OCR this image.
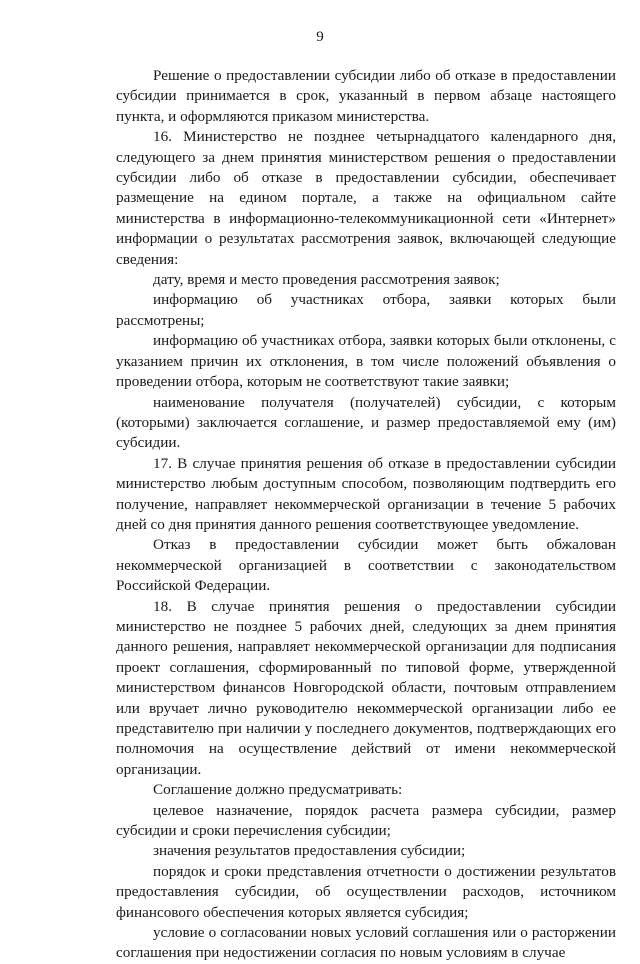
9

Решение о предоставлении субсидии либо об отказе в предоставлении субсидии принимается в срок, указанный в первом абзаце настоящего пункта, и оформляются приказом министерства.

16. Министерство не позднее четырнадцатого календарного дня, следующего за днем принятия министерством решения о предоставлении субсидии либо об отказе в предоставлении субсидии, обеспечивает размещение на едином портале, а также на официальном сайте министерства в информационно-телекоммуникационной сети «Интернет» информации о результатах рассмотрения заявок, включающей следующие сведения:

дату, время и место проведения рассмотрения заявок;

информацию об участниках отбора, заявки которых были рассмотрены;

информацию об участниках отбора, заявки которых были отклонены, с указанием причин их отклонения, в том числе положений объявления о проведении отбора, которым не соответствуют такие заявки;

наименование получателя (получателей) субсидии, с которым (которыми) заключается соглашение, и размер предоставляемой ему (им) субсидии.

17. В случае принятия решения об отказе в предоставлении субсидии министерство любым доступным способом, позволяющим подтвердить его получение, направляет некоммерческой организации в течение 5 рабочих дней со дня принятия данного решения соответствующее уведомление.

Отказ в предоставлении субсидии может быть обжалован некоммерческой организацией в соответствии с законодательством Российской Федерации.

18. В случае принятия решения о предоставлении субсидии министерство не позднее 5 рабочих дней, следующих за днем принятия данного решения, направляет некоммерческой организации для подписания проект соглашения, сформированный по типовой форме, утвержденной министерством финансов Новгородской области, почтовым отправлением или вручает лично руководителю некоммерческой организации либо ее представителю при наличии у последнего документов, подтверждающих его полномочия на осуществление действий от имени некоммерческой организации.

Соглашение должно предусматривать:

целевое назначение, порядок расчета размера субсидии, размер субсидии и сроки перечисления субсидии;

значения результатов предоставления субсидии;

порядок и сроки представления отчетности о достижении результатов предоставления субсидии, об осуществлении расходов, источником финансового обеспечения которых является субсидия;

условие о согласовании новых условий соглашения или о расторжении соглашения при недостижении согласия по новым условиям в случае
